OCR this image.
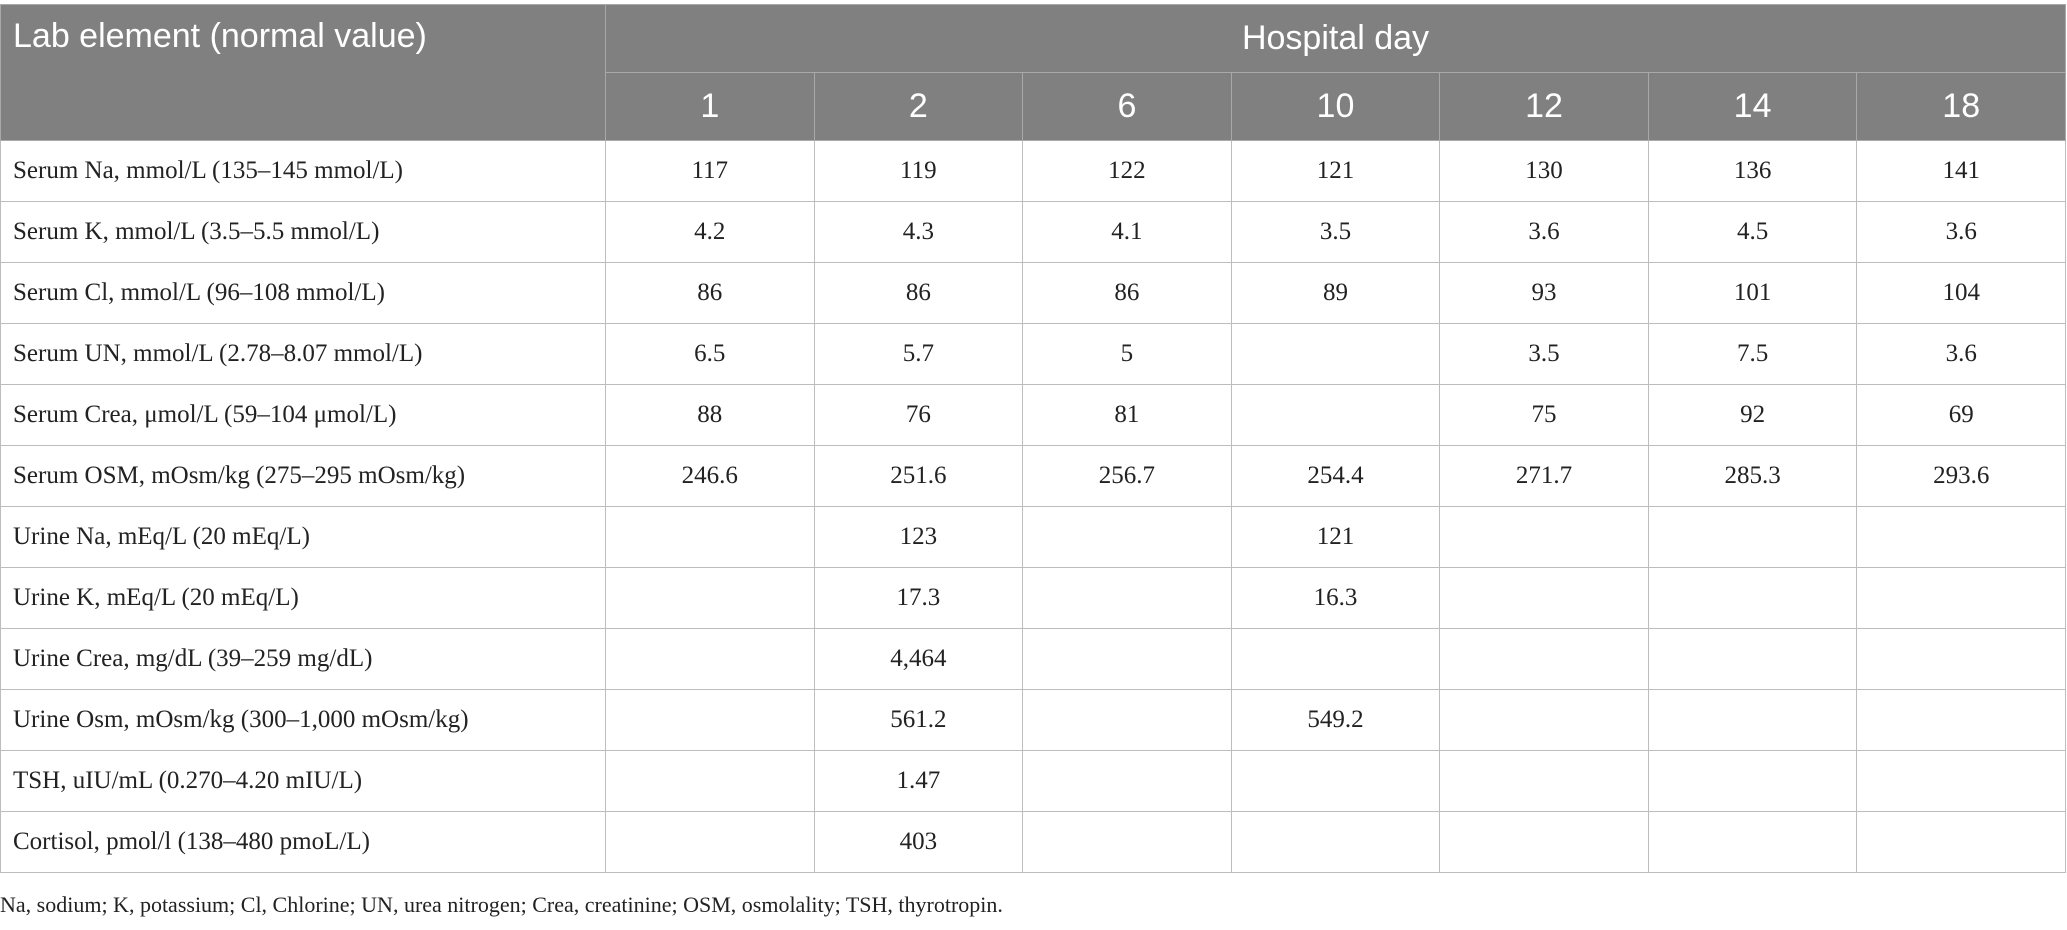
Lab element (normal value)	Hospital day						
	1	2	6	10	12	14	18
Serum Na, mmol/L (135–145 mmol/L)	117	119	122	121	130	136	141
Serum K, mmol/L (3.5–5.5 mmol/L)	4.2	4.3	4.1	3.5	3.6	4.5	3.6
Serum Cl, mmol/L (96–108 mmol/L)	86	86	86	89	93	101	104
Serum UN, mmol/L (2.78–8.07 mmol/L)	6.5	5.7	5		3.5	7.5	3.6
Serum Crea, μmol/L (59–104 μmol/L)	88	76	81		75	92	69
Serum OSM, mOsm/kg (275–295 mOsm/kg)	246.6	251.6	256.7	254.4	271.7	285.3	293.6
Urine Na, mEq/L (20 mEq/L)		123		121			
Urine K, mEq/L (20 mEq/L)		17.3		16.3			
Urine Crea, mg/dL (39–259 mg/dL)		4,464					
Urine Osm, mOsm/kg (300–1,000 mOsm/kg)		561.2		549.2			
TSH, uIU/mL (0.270–4.20 mIU/L)		1.47					
Cortisol, pmol/l (138–480 pmoL/L)		403					
Na, sodium; K, potassium; Cl, Chlorine; UN, urea nitrogen; Crea, creatinine; OSM, osmolality; TSH, thyrotropin.
